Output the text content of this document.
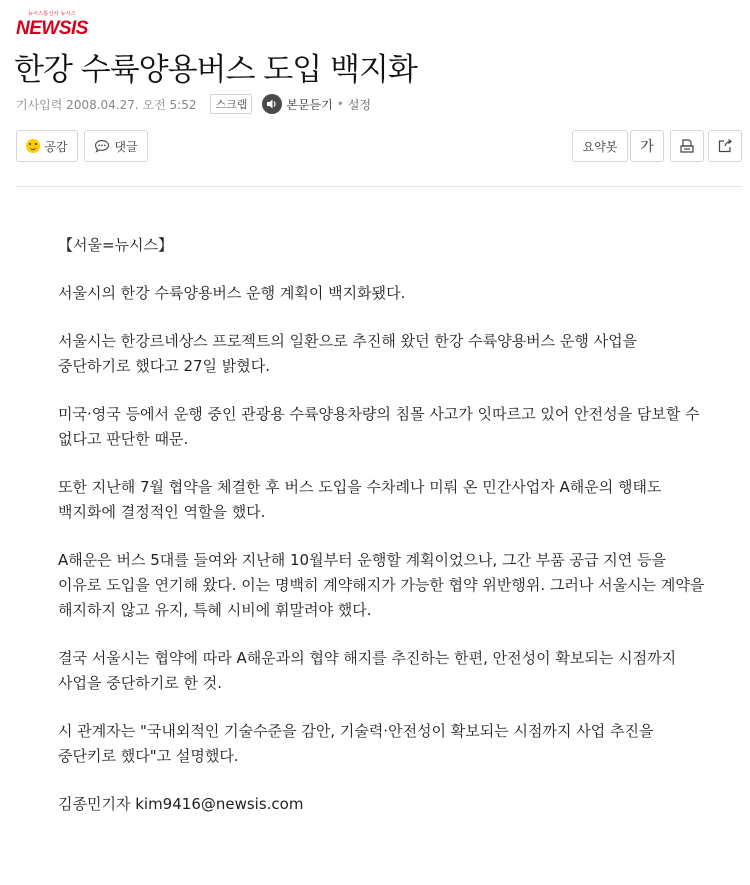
뉴시스통신사 뉴시스
NEWSIS
한강 수륙양용버스 도입 백지화
기사입력 2008.04.27. 오전 5:52	스크랩	본문듣기 • 설정
공감	댓글	요약봇	가

【서울=뉴시스】

서울시의 한강 수륙양용버스 운행 계획이 백지화됐다.

서울시는 한강르네상스 프로젝트의 일환으로 추진해 왔던 한강 수륙양용버스 운행 사업을 중단하기로 했다고 27일 밝혔다.

미국·영국 등에서 운행 중인 관광용 수륙양용차량의 침몰 사고가 잇따르고 있어 안전성을 담보할 수 없다고 판단한 때문.

또한 지난해 7월 협약을 체결한 후 버스 도입을 수차례나 미뤄 온 민간사업자 A해운의 행태도 백지화에 결정적인 역할을 했다.

A해운은 버스 5대를 들여와 지난해 10월부터 운행할 계획이었으나, 그간 부품 공급 지연 등을 이유로 도입을 연기해 왔다. 이는 명백히 계약해지가 가능한 협약 위반행위. 그러나 서울시는 계약을 해지하지 않고 유지, 특혜 시비에 휘말려야 했다.

결국 서울시는 협약에 따라 A해운과의 협약 해지를 추진하는 한편, 안전성이 확보되는 시점까지 사업을 중단하기로 한 것.

시 관계자는 "국내외적인 기술수준을 감안, 기술력·안전성이 확보되는 시점까지 사업 추진을 중단키로 했다"고 설명했다.

김종민기자 kim9416@newsis.com
